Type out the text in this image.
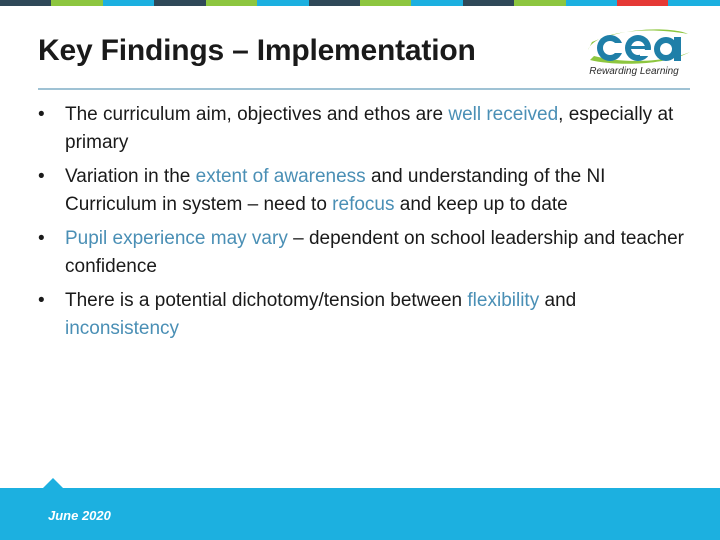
Key Findings – Implementation
Rewarding Learning
• The curriculum aim, objectives and ethos are well received, especially at primary
• Variation in the extent of awareness and understanding of the NI Curriculum in system – need to refocus and keep up to date
• Pupil experience may vary – dependent on school leadership and teacher confidence
• There is a potential dichotomy/tension between flexibility and inconsistency
June 2020
